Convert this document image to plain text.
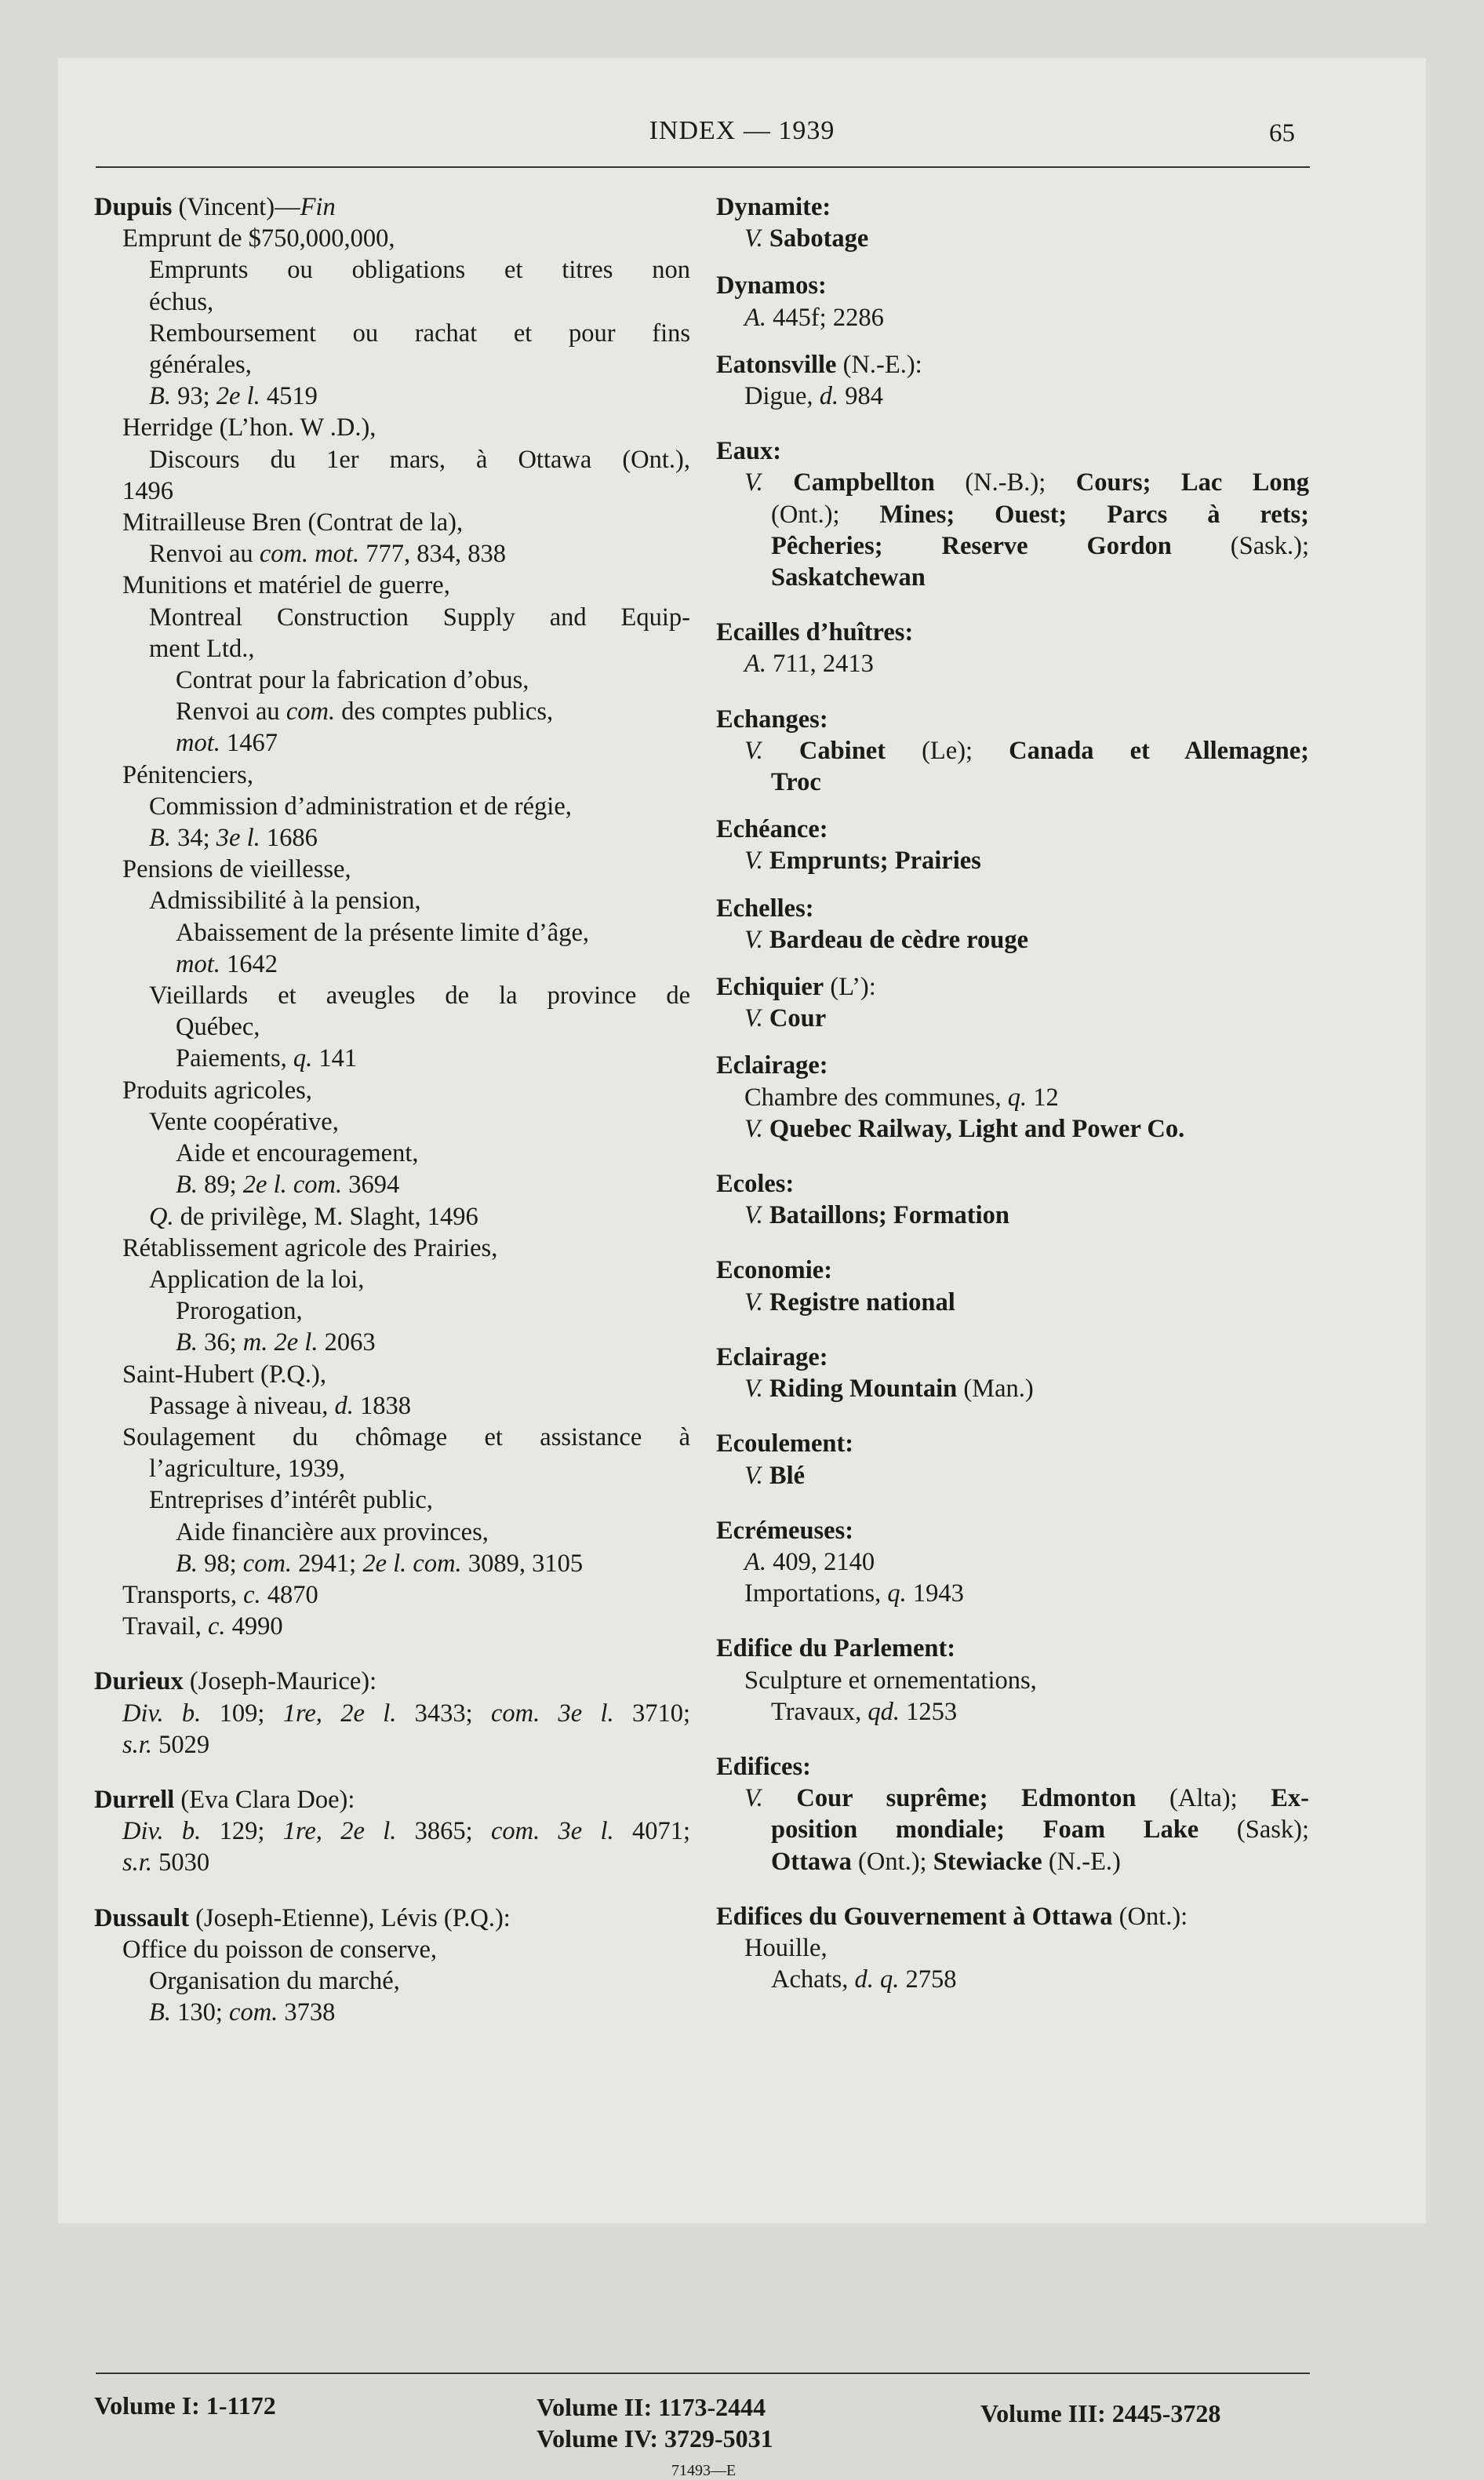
INDEX — 1939	65
Dupuis (Vincent)—Fin
Emprunt de $750,000,000,
Emprunts ou obligations et titres non
échus,
Remboursement ou rachat et pour fins
générales,
B. 93; 2e l. 4519
Herridge (L’hon. W .D.),
Discours du 1er mars, à Ottawa (Ont.),
1496
Mitrailleuse Bren (Contrat de la),
Renvoi au com. mot. 777, 834, 838
Munitions et matériel de guerre,
Montreal Construction Supply and Equip-
ment Ltd.,
Contrat pour la fabrication d’obus,
Renvoi au com. des comptes publics,
mot. 1467
Pénitenciers,
Commission d’administration et de régie,
B. 34; 3e l. 1686
Pensions de vieillesse,
Admissibilité à la pension,
Abaissement de la présente limite d’âge,
mot. 1642
Vieillards et aveugles de la province de
Québec,
Paiements, q. 141
Produits agricoles,
Vente coopérative,
Aide et encouragement,
B. 89; 2e l. com. 3694
Q. de privilège, M. Slaght, 1496
Rétablissement agricole des Prairies,
Application de la loi,
Prorogation,
B. 36; m. 2e l. 2063
Saint-Hubert (P.Q.),
Passage à niveau, d. 1838
Soulagement du chômage et assistance à
l’agriculture, 1939,
Entreprises d’intérêt public,
Aide financière aux provinces,
B. 98; com. 2941; 2e l. com. 3089, 3105
Transports, c. 4870
Travail, c. 4990
Durieux (Joseph-Maurice):
Div. b. 109; 1re, 2e l. 3433; com. 3e l. 3710;
s.r. 5029
Durrell (Eva Clara Doe):
Div. b. 129; 1re, 2e l. 3865; com. 3e l. 4071;
s.r. 5030
Dussault (Joseph-Etienne), Lévis (P.Q.):
Office du poisson de conserve,
Organisation du marché,
B. 130; com. 3738
Dynamite:
V. Sabotage
Dynamos:
A. 445f; 2286
Eatonsville (N.-E.):
Digue, d. 984
Eaux:
V. Campbellton (N.-B.); Cours; Lac Long
(Ont.); Mines; Ouest; Parcs à rets;
Pêcheries; Reserve Gordon (Sask.);
Saskatchewan
Ecailles d’huîtres:
A. 711, 2413
Echanges:
V. Cabinet (Le); Canada et Allemagne;
Troc
Echéance:
V. Emprunts; Prairies
Echelles:
V. Bardeau de cèdre rouge
Echiquier (L’):
V. Cour
Eclairage:
Chambre des communes, q. 12
V. Quebec Railway, Light and Power Co.
Ecoles:
V. Bataillons; Formation
Economie:
V. Registre national
Eclairage:
V. Riding Mountain (Man.)
Ecoulement:
V. Blé
Ecrémeuses:
A. 409, 2140
Importations, q. 1943
Edifice du Parlement:
Sculpture et ornementations,
Travaux, qd. 1253
Edifices:
V. Cour suprême; Edmonton (Alta); Ex-
position mondiale; Foam Lake (Sask);
Ottawa (Ont.); Stewiacke (N.-E.)
Edifices du Gouvernement à Ottawa (Ont.):
Houille,
Achats, d. q. 2758
Volume I: 1-1172	Volume II: 1173-2444
Volume IV: 3729-5031
Volume III: 2445-3728
71493—E
